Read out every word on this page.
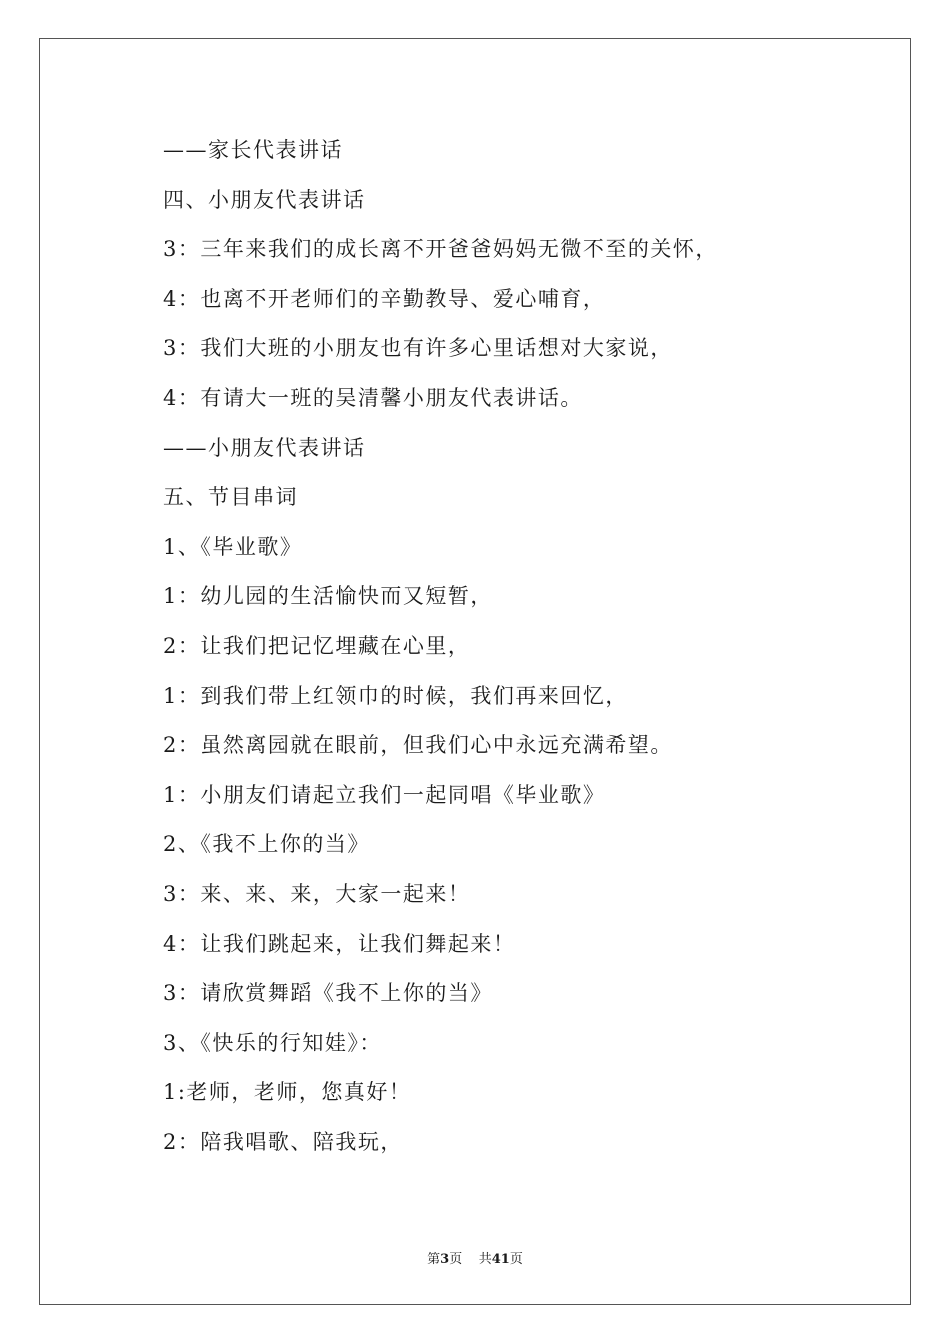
——家长代表讲话
四、小朋友代表讲话
3：三年来我们的成长离不开爸爸妈妈无微不至的关怀，
4：也离不开老师们的辛勤教导、爱心哺育，
3：我们大班的小朋友也有许多心里话想对大家说，
4：有请大一班的吴清馨小朋友代表讲话。
——小朋友代表讲话
五、节目串词
1、《毕业歌》
1：幼儿园的生活愉快而又短暂，
2：让我们把记忆埋藏在心里，
1：到我们带上红领巾的时候，我们再来回忆，
2：虽然离园就在眼前，但我们心中永远充满希望。
1：小朋友们请起立我们一起同唱《毕业歌》
2、《我不上你的当》
3：来、来、来，大家一起来！
4：让我们跳起来，让我们舞起来！
3：请欣赏舞蹈《我不上你的当》
3、《快乐的行知娃》：
1:老师，老师，您真好！
2：陪我唱歌、陪我玩，
第3页 共41页
